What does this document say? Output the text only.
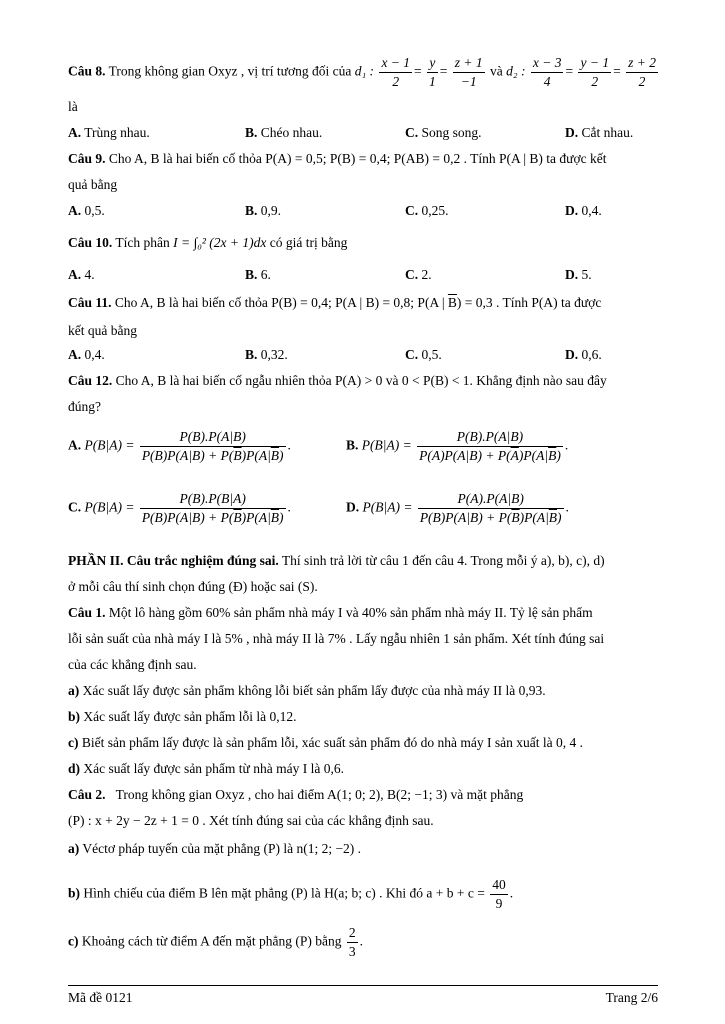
Câu 8. Trong không gian Oxyz , vị trí tương đối của d₁ : $\frac{x - 1}{2} = \frac{y}{1} = \frac{z + 1}{-1}$ và d₂ : $\frac{x - 3}{4} = \frac{y - 1}{2} = \frac{z + 2}{2}$
là
A. Trùng nhau.	B. Chéo nhau.	C. Song song.	D. Cắt nhau.
Câu 9. Cho A, B là hai biến cố thỏa P(A) = 0,5; P(B) = 0,4; P(AB) = 0,2 . Tính P(A | B) ta được kết
quả bằng
A. 0,5.	B. 0,9.	C. 0,25.	D. 0,4.
Câu 10. Tích phân I = ∫₀² (2x + 1)dx có giá trị bằng
A. 4.	B. 6.	C. 2.	D. 5.
Câu 11. Cho A, B là hai biến cố thỏa P(B) = 0,4; P(A | B) = 0,8; P(A | $\overline{B}) = 0,3$ . Tính P(A) ta được
kết quả bằng
A. 0,4.	B. 0,32.	C. 0,5.	D. 0,6.
Câu 12. Cho A, B là hai biến cố ngẫu nhiên thỏa P(A) > 0 và 0 < P(B) < 1. Khẳng định nào sau đây
đúng?
A. $P(B|A) = \frac{P(B).P(A|B)}{P(B)P(A|B) + P(\overline{B})P(A|\overline{B})}$ .	B. $P(B|A) = \frac{P(B).P(A|B)}{P(A)P(A|B) + P(\overline{A})P(A|\overline{B})}$ .
C. $P(B|A) = \frac{P(B).P(B|A)}{P(B)P(A|B) + P(\overline{B})P(A|\overline{B})}$ .	D. $P(B|A) = \frac{P(A).P(A|B)}{P(B)P(A|B) + P(\overline{B})P(A|\overline{B})}$ .
PHẦN II. Câu trắc nghiệm đúng sai. Thí sinh trả lời từ câu 1 đến câu 4. Trong mỗi ý a), b), c), d)
ở mỗi câu thí sinh chọn đúng (Đ) hoặc sai (S).
Câu 1. Một lô hàng gồm 60% sản phẩm nhà máy I và 40% sản phẩm nhà máy II. Tỷ lệ sản phẩm
lỗi sản suất của nhà máy I là 5% , nhà máy II là 7% . Lấy ngẫu nhiên 1 sản phẩm. Xét tính đúng sai
của các khẳng định sau.
a) Xác suất lấy được sản phẩm không lỗi biết sản phẩm lấy được của nhà máy II là 0,93.
b) Xác suất lấy được sản phẩm lỗi là 0,12.
c) Biết sản phẩm lấy được là sản phẩm lỗi, xác suất sản phẩm đó do nhà máy I sản xuất là 0, 4 .
d) Xác suất lấy được sản phẩm từ nhà máy I là 0,6.
Câu 2. Trong không gian Oxyz , cho hai điểm A(1; 0; 2), B(2; −1; 3) và mặt phẳng
(P) : x + 2y − 2z + 1 = 0 . Xét tính đúng sai của các khẳng định sau.
a) Véctơ pháp tuyến của mặt phẳng (P) là n(1; 2; −2) .
b) Hình chiếu của điểm B lên mặt phẳng (P) là H(a; b; c) . Khi đó $a + b + c = \frac{40}{9}$ .
c) Khoảng cách từ điểm A đến mặt phẳng (P) bằng $\frac{2}{3}$ .
Mã đề 0121	Trang 2/6
